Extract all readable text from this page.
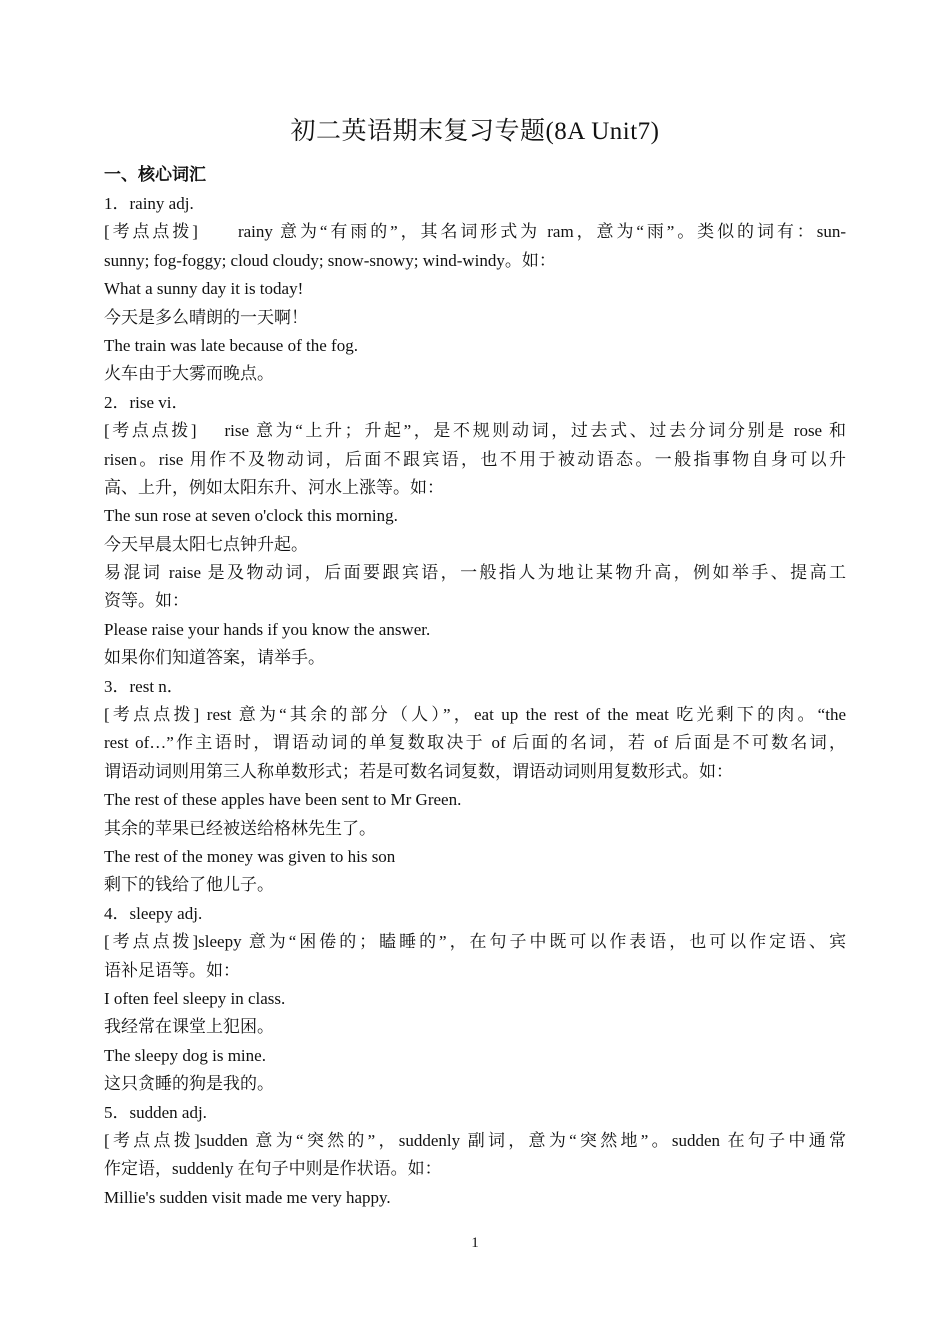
初二英语期末复习专题(8A Unit7)
一、核心词汇
1．rainy adj.
[考点点拨] rainy 意为“有雨的”，其名词形式为 ram，意为“雨”。类似的词有：sun-
sunny; fog-foggy; cloud cloudy; snow-snowy; wind-windy。如：
What a sunny day it is today!
今天是多么晴朗的一天啊！
The train was late because of the fog.
火车由于大雾而晚点。
2．rise vi．
[考点点拨] rise 意为“上升；升起”，是不规则动词，过去式、过去分词分别是 rose 和
risen。rise 用作不及物动词，后面不跟宾语，也不用于被动语态。一般指事物自身可以升
高、上升，例如太阳东升、河水上涨等。如：
The sun rose at seven o'clock this morning.
今天早晨太阳七点钟升起。
易混词 raise 是及物动词，后面要跟宾语，一般指人为地让某物升高，例如举手、提高工
资等。如：
Please raise your hands if you know the answer.
如果你们知道答案，请举手。
3．rest n．
[考点点拨] rest 意为“其余的部分（人）”，eat up the rest of the meat 吃光剩下的肉。“the
rest of…”作主语时，谓语动词的单复数取决于 of 后面的名词，若 of 后面是不可数名词，
谓语动词则用第三人称单数形式；若是可数名词复数，谓语动词则用复数形式。如：
The rest of these apples have been sent to Mr Green.
其余的苹果已经被送给格林先生了。
The rest of the money was given to his son
剩下的钱给了他儿子。
4．sleepy adj.
[考点点拨]sleepy 意为“困倦的；瞌睡的”，在句子中既可以作表语，也可以作定语、宾
语补足语等。如：
I often feel sleepy in class.
我经常在课堂上犯困。
The sleepy dog is mine.
这只贪睡的狗是我的。
5．sudden adj.
[考点点拨]sudden 意为“突然的”，suddenly 副词，意为“突然地”。sudden 在句子中通常
作定语，suddenly 在句子中则是作状语。如：
Millie's sudden visit made me very happy.
1
